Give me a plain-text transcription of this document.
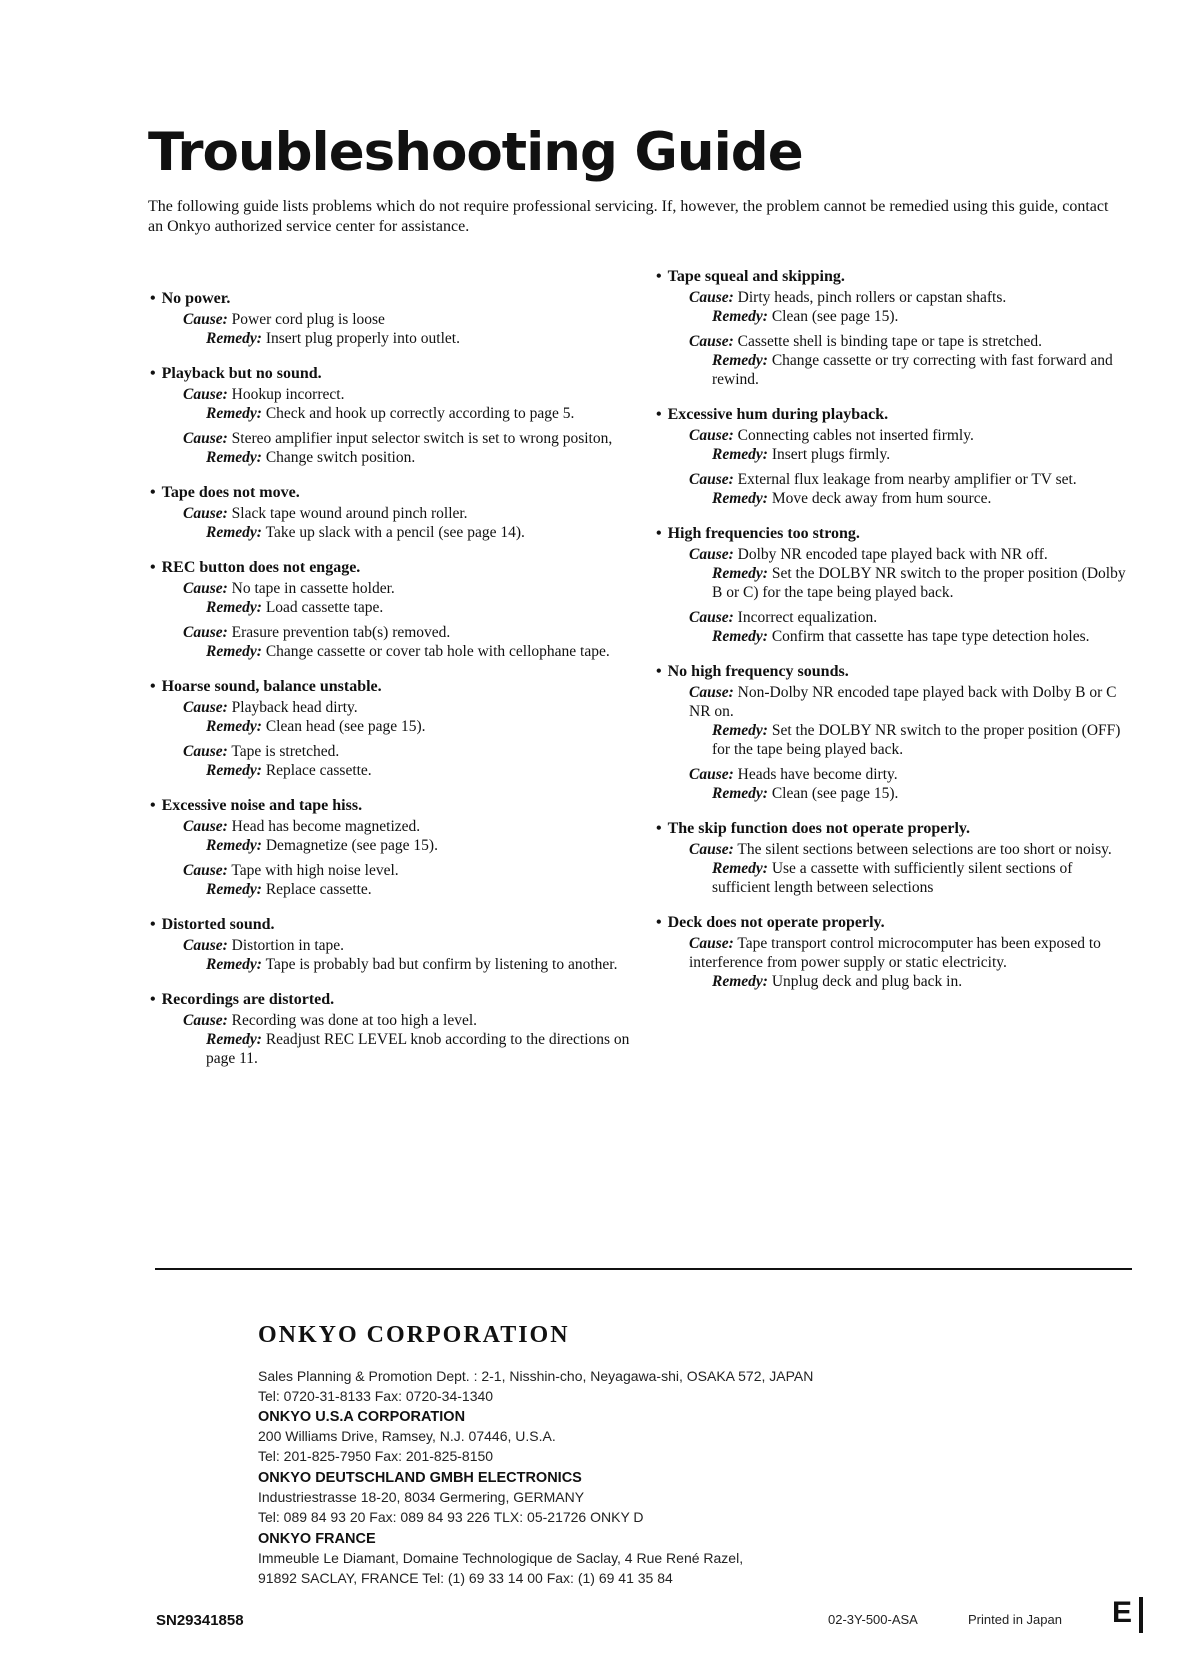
Troubleshooting Guide

The following guide lists problems which do not require professional servicing. If, however, the problem cannot be remedied using this guide, contact an Onkyo authorized service center for assistance.

• No power.
Cause: Power cord plug is loose
Remedy: Insert plug properly into outlet.
• Playback but no sound.
Cause: Hookup incorrect.
Remedy: Check and hook up correctly according to page 5.
Cause: Stereo amplifier input selector switch is set to wrong positon,
Remedy: Change switch position.
• Tape does not move.
Cause: Slack tape wound around pinch roller.
Remedy: Take up slack with a pencil (see page 14).
• REC button does not engage.
Cause: No tape in cassette holder.
Remedy: Load cassette tape.
Cause: Erasure prevention tab(s) removed.
Remedy: Change cassette or cover tab hole with cellophane tape.
• Hoarse sound, balance unstable.
Cause: Playback head dirty.
Remedy: Clean head (see page 15).
Cause: Tape is stretched.
Remedy: Replace cassette.
• Excessive noise and tape hiss.
Cause: Head has become magnetized.
Remedy: Demagnetize (see page 15).
Cause: Tape with high noise level.
Remedy: Replace cassette.
• Distorted sound.
Cause: Distortion in tape.
Remedy: Tape is probably bad but confirm by listening to another.
• Recordings are distorted.
Cause: Recording was done at too high a level.
Remedy: Readjust REC LEVEL knob according to the directions on page 11.
• Tape squeal and skipping.
Cause: Dirty heads, pinch rollers or capstan shafts.
Remedy: Clean (see page 15).
Cause: Cassette shell is binding tape or tape is stretched.
Remedy: Change cassette or try correcting with fast forward and rewind.
• Excessive hum during playback.
Cause: Connecting cables not inserted firmly.
Remedy: Insert plugs firmly.
Cause: External flux leakage from nearby amplifier or TV set.
Remedy: Move deck away from hum source.
• High frequencies too strong.
Cause: Dolby NR encoded tape played back with NR off.
Remedy: Set the DOLBY NR switch to the proper position (Dolby B or C) for the tape being played back.
Cause: Incorrect equalization.
Remedy: Confirm that cassette has tape type detection holes.
• No high frequency sounds.
Cause: Non-Dolby NR encoded tape played back with Dolby B or C NR on.
Remedy: Set the DOLBY NR switch to the proper position (OFF) for the tape being played back.
Cause: Heads have become dirty.
Remedy: Clean (see page 15).
• The skip function does not operate properly.
Cause: The silent sections between selections are too short or noisy.
Remedy: Use a cassette with sufficiently silent sections of sufficient length between selections
• Deck does not operate properly.
Cause: Tape transport control microcomputer has been exposed to interference from power supply or static electricity.
Remedy: Unplug deck and plug back in.

ONKYO CORPORATION

Sales Planning & Promotion Dept. : 2-1, Nisshin-cho, Neyagawa-shi, OSAKA 572, JAPAN

Tel: 0720-31-8133 Fax: 0720-34-1340

ONKYO U.S.A CORPORATION

200 Williams Drive, Ramsey, N.J. 07446, U.S.A.

Tel: 201-825-7950 Fax: 201-825-8150

ONKYO DEUTSCHLAND GMBH ELECTRONICS

Industriestrasse 18-20, 8034 Germering, GERMANY

Tel: 089 84 93 20 Fax: 089 84 93 226 TLX: 05-21726 ONKY D

ONKYO FRANCE

Immeuble Le Diamant, Domaine Technologique de Saclay, 4 Rue René Razel,

91892 SACLAY, FRANCE Tel: (1) 69 33 14 00 Fax: (1) 69 41 35 84

SN29341858	02-3Y-500-ASA	Printed in Japan E
